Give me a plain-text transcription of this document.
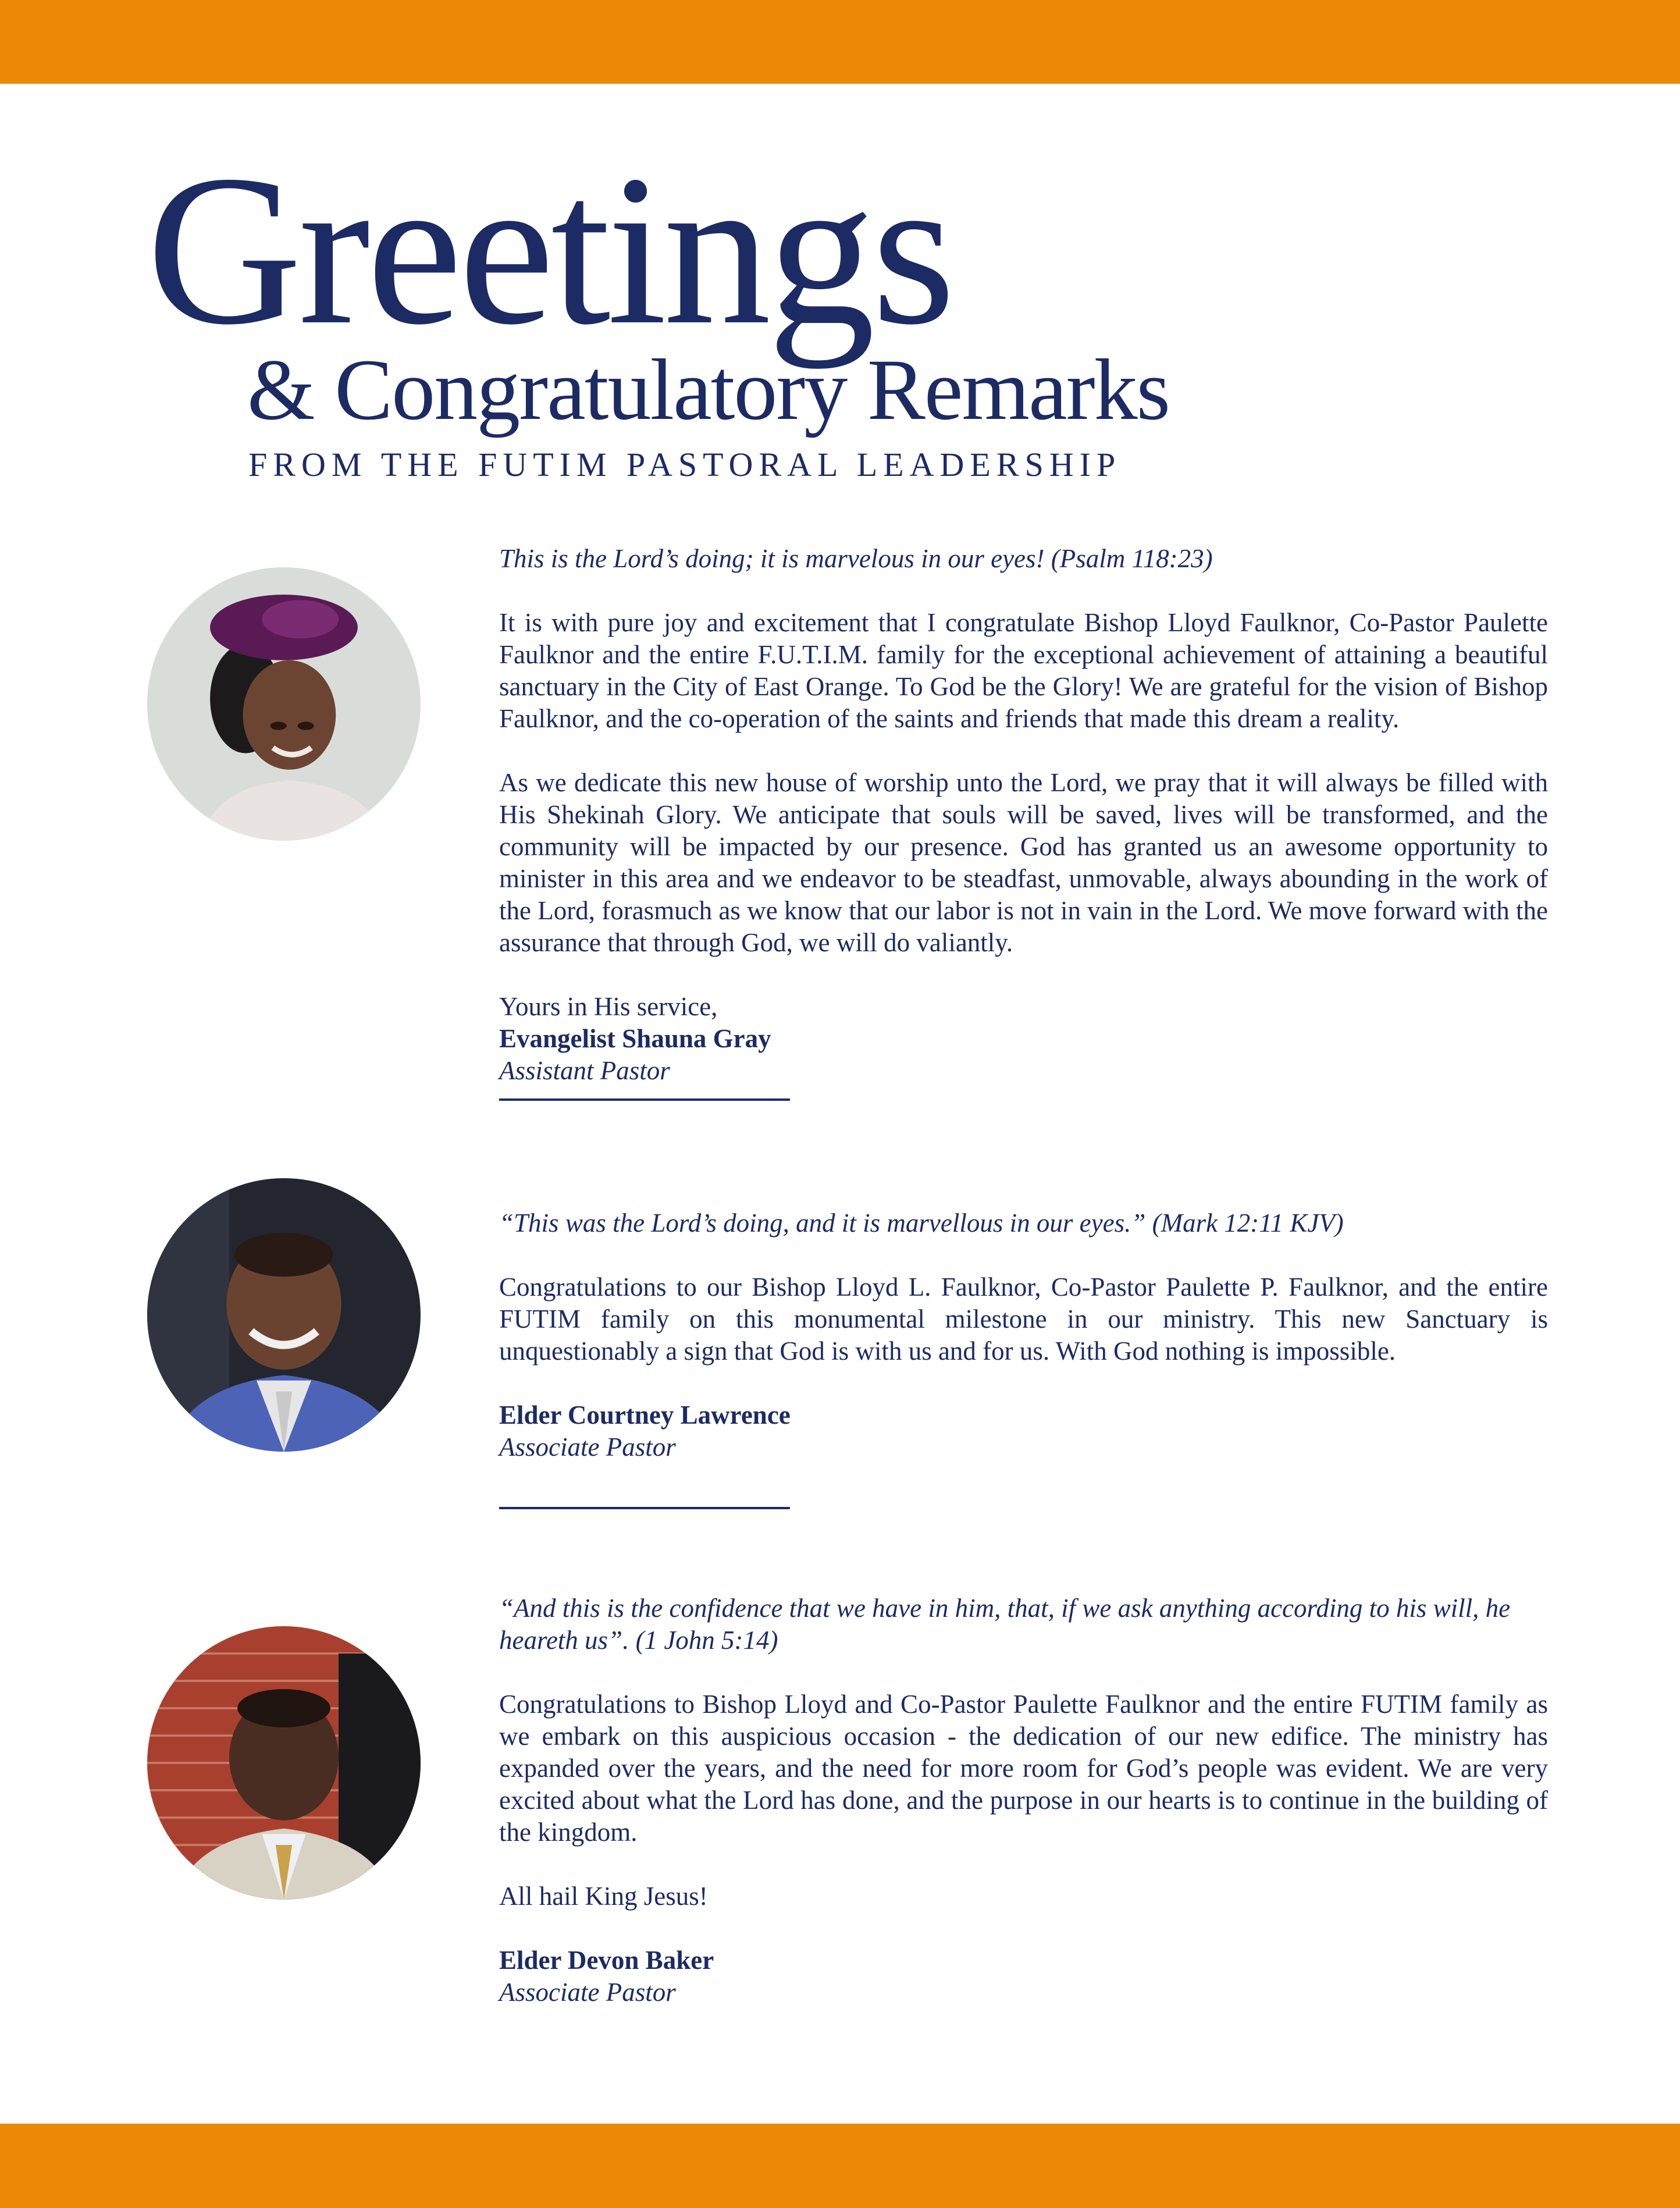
Greetings
& Congratulatory Remarks
FROM THE FUTIM PASTORAL LEADERSHIP

This is the Lord’s doing; it is marvelous in our eyes! (Psalm 118:23)

It is with pure joy and excitement that I congratulate Bishop Lloyd Faulknor, Co-Pastor Paulette Faulknor and the entire F.U.T.I.M. family for the exceptional achievement of attaining a beautiful sanctuary in the City of East Orange. To God be the Glory! We are grateful for the vision of Bishop Faulknor, and the co-operation of the saints and friends that made this dream a reality.

As we dedicate this new house of worship unto the Lord, we pray that it will always be filled with His Shekinah Glory. We anticipate that souls will be saved, lives will be transformed, and the community will be impacted by our presence. God has granted us an awesome opportunity to minister in this area and we endeavor to be steadfast, unmovable, always abounding in the work of the Lord, forasmuch as we know that our labor is not in vain in the Lord. We move forward with the assurance that through God, we will do valiantly.

Yours in His service,

Evangelist Shauna Gray

Assistant Pastor

“This was the Lord’s doing, and it is marvellous in our eyes.” (Mark 12:11 KJV)

Congratulations to our Bishop Lloyd L. Faulknor, Co-Pastor Paulette P. Faulknor, and the entire FUTIM family on this monumental milestone in our ministry. This new Sanctuary is unquestionably a sign that God is with us and for us. With God nothing is impossible.

Elder Courtney Lawrence

Associate Pastor

“And this is the confidence that we have in him, that, if we ask anything according to his will, he heareth us”. (1 John 5:14)

Congratulations to Bishop Lloyd and Co-Pastor Paulette Faulknor and the entire FUTIM family as we embark on this auspicious occasion - the dedication of our new edifice. The ministry has expanded over the years, and the need for more room for God’s people was evident. We are very excited about what the Lord has done, and the purpose in our hearts is to continue in the building of the kingdom.

All hail King Jesus!

Elder Devon Baker

Associate Pastor
